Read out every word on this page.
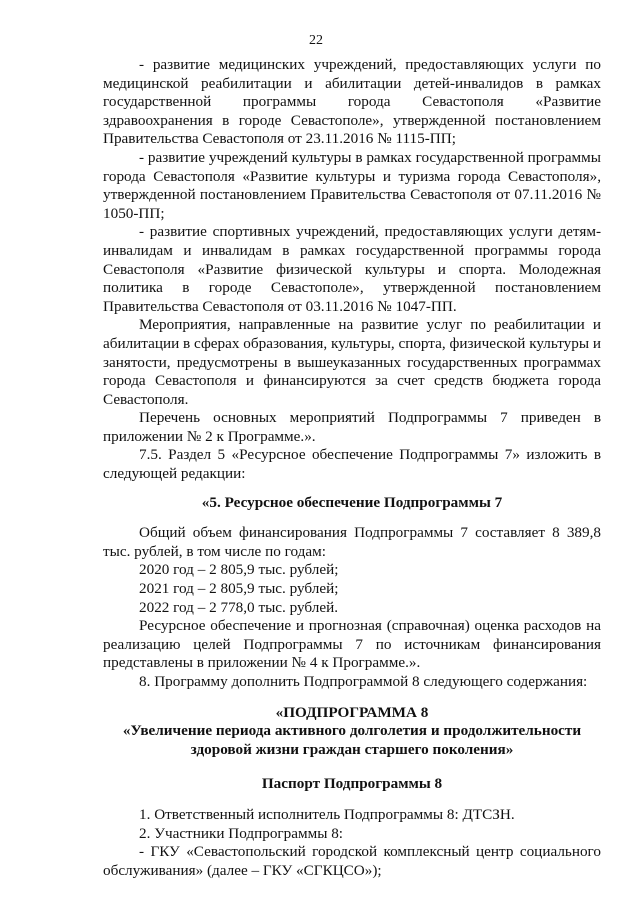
22

- развитие медицинских учреждений, предоставляющих услуги по медицинской реабилитации и абилитации детей-инвалидов в рамках государственной программы города Севастополя «Развитие здравоохранения в городе Севастополе», утвержденной постановлением Правительства Севастополя от 23.11.2016 № 1115-ПП;

- развитие учреждений культуры в рамках государственной программы города Севастополя «Развитие культуры и туризма города Севастополя», утвержденной постановлением Правительства Севастополя от 07.11.2016 № 1050-ПП;

- развитие спортивных учреждений, предоставляющих услуги детям-инвалидам и инвалидам в рамках государственной программы города Севастополя «Развитие физической культуры и спорта. Молодежная политика в городе Севастополе», утвержденной постановлением Правительства Севастополя от 03.11.2016 № 1047-ПП.

Мероприятия, направленные на развитие услуг по реабилитации и абилитации в сферах образования, культуры, спорта, физической культуры и занятости, предусмотрены в вышеуказанных государственных программах города Севастополя и финансируются за счет средств бюджета города Севастополя.

Перечень основных мероприятий Подпрограммы 7 приведен в приложении № 2 к Программе.».

7.5. Раздел 5 «Ресурсное обеспечение Подпрограммы 7» изложить в следующей редакции:

«5. Ресурсное обеспечение Подпрограммы 7

Общий объем финансирования Подпрограммы 7 составляет 8 389,8 тыс. рублей, в том числе по годам:

2020 год – 2 805,9 тыс. рублей;

2021 год – 2 805,9 тыс. рублей;

2022 год – 2 778,0 тыс. рублей.

Ресурсное обеспечение и прогнозная (справочная) оценка расходов на реализацию целей Подпрограммы 7 по источникам финансирования представлены в приложении № 4 к Программе.».

8. Программу дополнить Подпрограммой 8 следующего содержания:

«ПОДПРОГРАММА 8

«Увеличение периода активного долголетия и продолжительности здоровой жизни граждан старшего поколения»

Паспорт Подпрограммы 8

1. Ответственный исполнитель Подпрограммы 8: ДТСЗН.

2. Участники Подпрограммы 8:

- ГКУ «Севастопольский городской комплексный центр социального обслуживания» (далее – ГКУ «СГКЦСО»);
